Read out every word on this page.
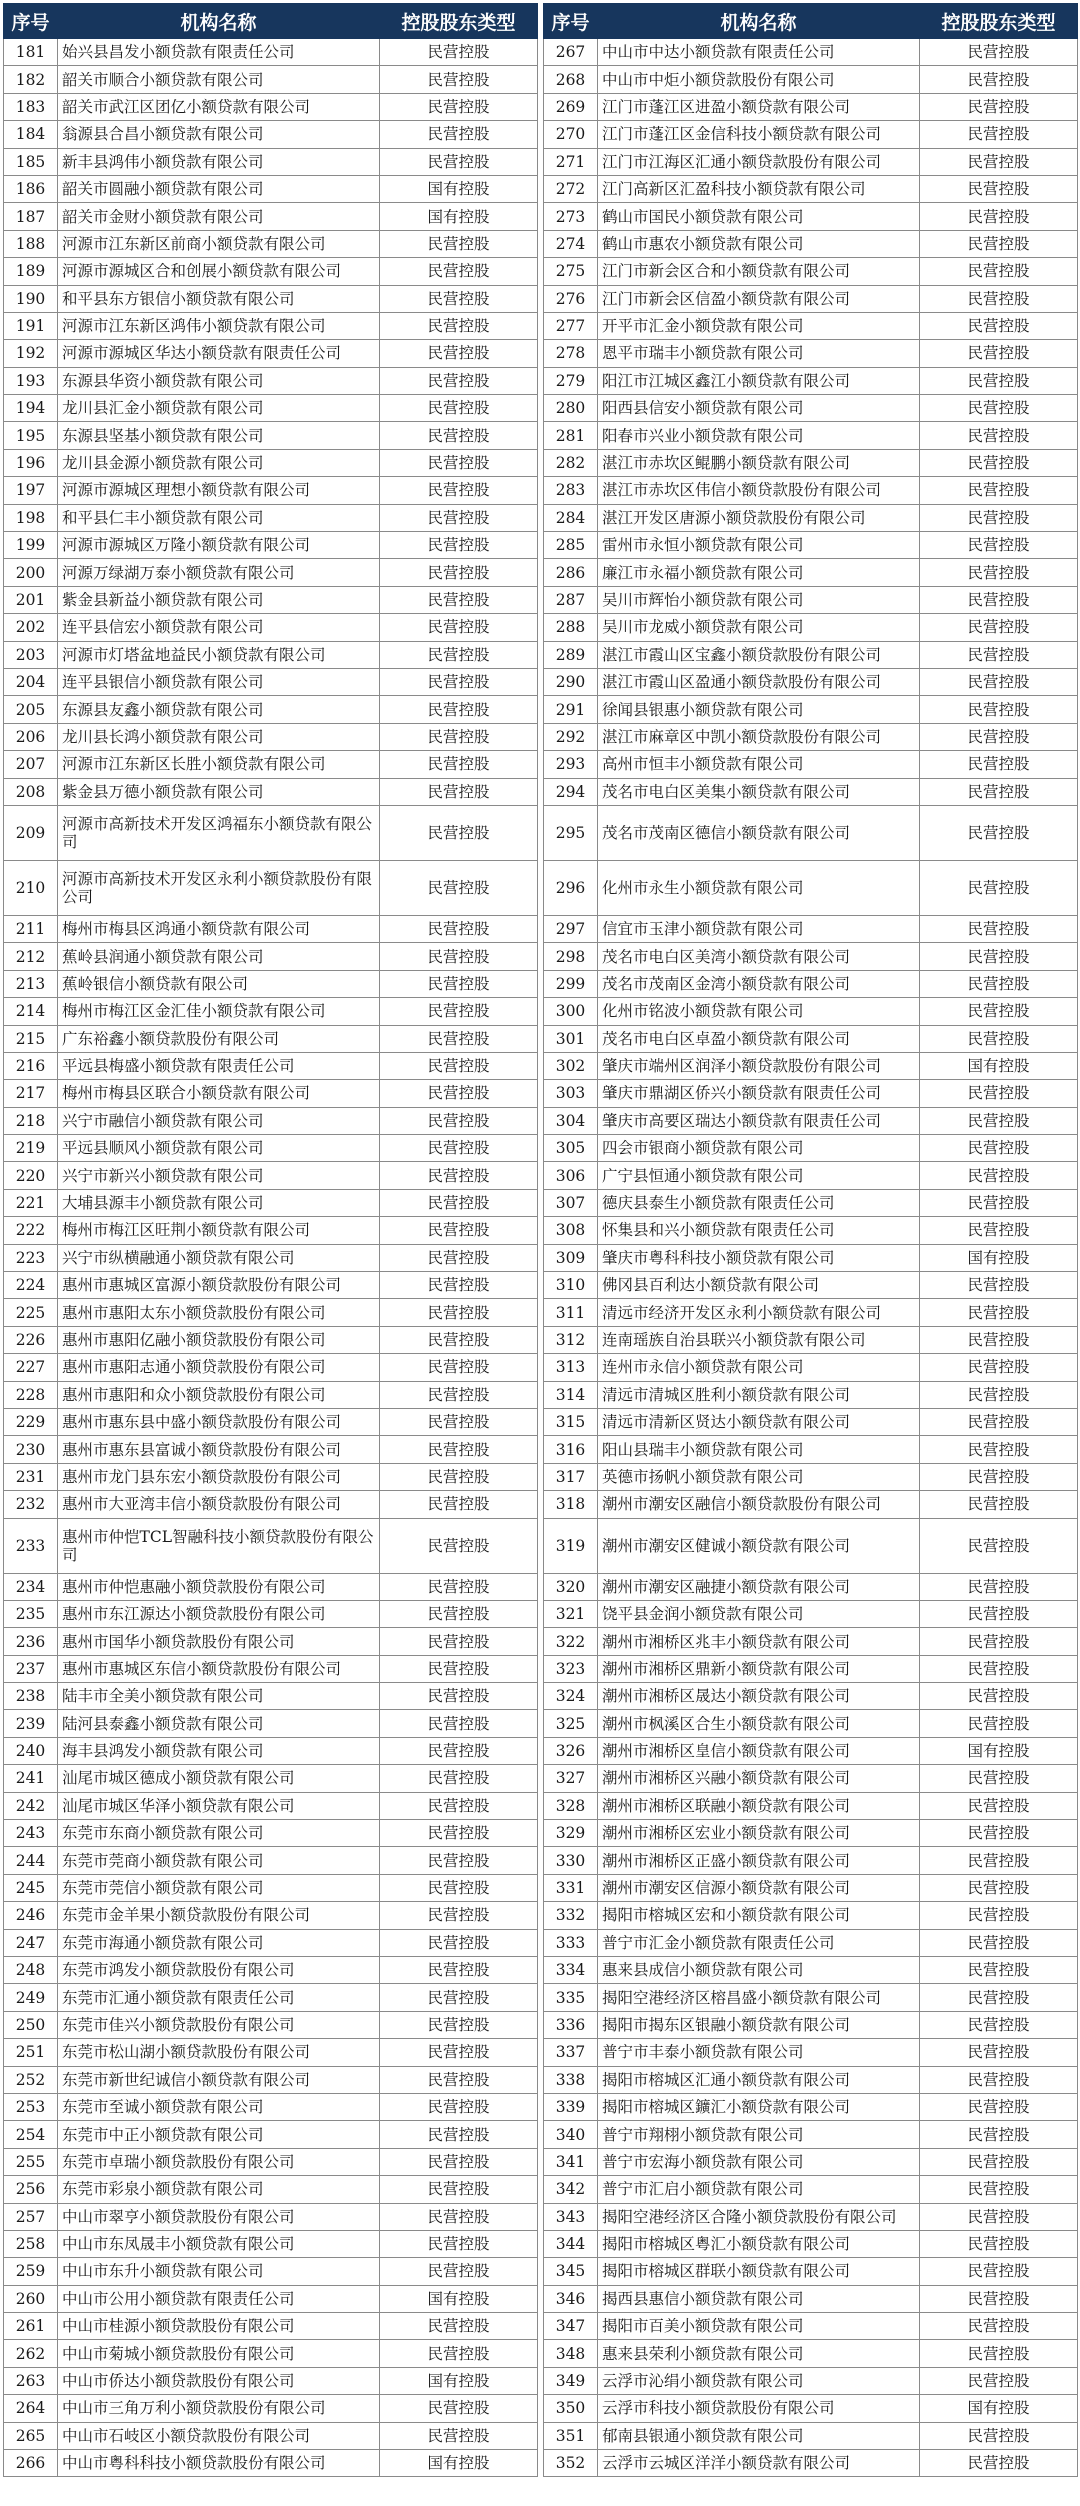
序号	机构名称	控股股东类型
181	始兴县昌发小额贷款有限责任公司	民营控股
182	韶关市顺合小额贷款有限公司	民营控股
183	韶关市武江区团亿小额贷款有限公司	民营控股
184	翁源县合昌小额贷款有限公司	民营控股
185	新丰县鸿伟小额贷款有限公司	民营控股
186	韶关市圆融小额贷款有限公司	国有控股
187	韶关市金财小额贷款有限公司	国有控股
188	河源市江东新区前商小额贷款有限公司	民营控股
189	河源市源城区合和创展小额贷款有限公司	民营控股
190	和平县东方银信小额贷款有限公司	民营控股
191	河源市江东新区鸿伟小额贷款有限公司	民营控股
192	河源市源城区华达小额贷款有限责任公司	民营控股
193	东源县华资小额贷款有限公司	民营控股
194	龙川县汇金小额贷款有限公司	民营控股
195	东源县坚基小额贷款有限公司	民营控股
196	龙川县金源小额贷款有限公司	民营控股
197	河源市源城区理想小额贷款有限公司	民营控股
198	和平县仁丰小额贷款有限公司	民营控股
199	河源市源城区万隆小额贷款有限公司	民营控股
200	河源万绿湖万泰小额贷款有限公司	民营控股
201	紫金县新益小额贷款有限公司	民营控股
202	连平县信宏小额贷款有限公司	民营控股
203	河源市灯塔盆地益民小额贷款有限公司	民营控股
204	连平县银信小额贷款有限公司	民营控股
205	东源县友鑫小额贷款有限公司	民营控股
206	龙川县长鸿小额贷款有限公司	民营控股
207	河源市江东新区长胜小额贷款有限公司	民营控股
208	紫金县万德小额贷款有限公司	民营控股
209	河源市高新技术开发区鸿福东小额贷款有限公司	民营控股
210	河源市高新技术开发区永利小额贷款股份有限公司	民营控股
211	梅州市梅县区鸿通小额贷款有限公司	民营控股
212	蕉岭县润通小额贷款有限公司	民营控股
213	蕉岭银信小额贷款有限公司	民营控股
214	梅州市梅江区金汇佳小额贷款有限公司	民营控股
215	广东裕鑫小额贷款股份有限公司	民营控股
216	平远县梅盛小额贷款有限责任公司	民营控股
217	梅州市梅县区联合小额贷款有限公司	民营控股
218	兴宁市融信小额贷款有限公司	民营控股
219	平远县顺风小额贷款有限公司	民营控股
220	兴宁市新兴小额贷款有限公司	民营控股
221	大埔县源丰小额贷款有限公司	民营控股
222	梅州市梅江区旺荆小额贷款有限公司	民营控股
223	兴宁市纵横融通小额贷款有限公司	民营控股
224	惠州市惠城区富源小额贷款股份有限公司	民营控股
225	惠州市惠阳太东小额贷款股份有限公司	民营控股
226	惠州市惠阳亿融小额贷款股份有限公司	民营控股
227	惠州市惠阳志通小额贷款股份有限公司	民营控股
228	惠州市惠阳和众小额贷款股份有限公司	民营控股
229	惠州市惠东县中盛小额贷款股份有限公司	民营控股
230	惠州市惠东县富诚小额贷款股份有限公司	民营控股
231	惠州市龙门县东宏小额贷款股份有限公司	民营控股
232	惠州市大亚湾丰信小额贷款股份有限公司	民营控股
233	惠州市仲恺TCL智融科技小额贷款股份有限公司	民营控股
234	惠州市仲恺惠融小额贷款股份有限公司	民营控股
235	惠州市东江源达小额贷款股份有限公司	民营控股
236	惠州市国华小额贷款股份有限公司	民营控股
237	惠州市惠城区东信小额贷款股份有限公司	民营控股
238	陆丰市全美小额贷款有限公司	民营控股
239	陆河县泰鑫小额贷款有限公司	民营控股
240	海丰县鸿发小额贷款有限公司	民营控股
241	汕尾市城区德成小额贷款有限公司	民营控股
242	汕尾市城区华泽小额贷款有限公司	民营控股
243	东莞市东商小额贷款有限公司	民营控股
244	东莞市莞商小额贷款有限公司	民营控股
245	东莞市莞信小额贷款有限公司	民营控股
246	东莞市金羊果小额贷款股份有限公司	民营控股
247	东莞市海通小额贷款有限公司	民营控股
248	东莞市鸿发小额贷款股份有限公司	民营控股
249	东莞市汇通小额贷款有限责任公司	民营控股
250	东莞市佳兴小额贷款股份有限公司	民营控股
251	东莞市松山湖小额贷款股份有限公司	民营控股
252	东莞市新世纪诚信小额贷款有限公司	民营控股
253	东莞市至诚小额贷款有限公司	民营控股
254	东莞市中正小额贷款有限公司	民营控股
255	东莞市卓瑞小额贷款股份有限公司	民营控股
256	东莞市彩泉小额贷款有限公司	民营控股
257	中山市翠亨小额贷款股份有限公司	民营控股
258	中山市东凤晟丰小额贷款有限公司	民营控股
259	中山市东升小额贷款有限公司	民营控股
260	中山市公用小额贷款有限责任公司	国有控股
261	中山市桂源小额贷款股份有限公司	民营控股
262	中山市菊城小额贷款股份有限公司	民营控股
263	中山市侨达小额贷款股份有限公司	国有控股
264	中山市三角万利小额贷款股份有限公司	民营控股
265	中山市石岐区小额贷款股份有限公司	民营控股
266	中山市粤科科技小额贷款股份有限公司	国有控股
序号	机构名称	控股股东类型
267	中山市中达小额贷款有限责任公司	民营控股
268	中山市中炬小额贷款股份有限公司	民营控股
269	江门市蓬江区进盈小额贷款有限公司	民营控股
270	江门市蓬江区金信科技小额贷款有限公司	民营控股
271	江门市江海区汇通小额贷款股份有限公司	民营控股
272	江门高新区汇盈科技小额贷款有限公司	民营控股
273	鹤山市国民小额贷款有限公司	民营控股
274	鹤山市惠农小额贷款有限公司	民营控股
275	江门市新会区合和小额贷款有限公司	民营控股
276	江门市新会区信盈小额贷款有限公司	民营控股
277	开平市汇金小额贷款有限公司	民营控股
278	恩平市瑞丰小额贷款有限公司	民营控股
279	阳江市江城区鑫江小额贷款有限公司	民营控股
280	阳西县信安小额贷款有限公司	民营控股
281	阳春市兴业小额贷款有限公司	民营控股
282	湛江市赤坎区鲲鹏小额贷款有限公司	民营控股
283	湛江市赤坎区伟信小额贷款股份有限公司	民营控股
284	湛江开发区唐源小额贷款股份有限公司	民营控股
285	雷州市永恒小额贷款有限公司	民营控股
286	廉江市永福小额贷款有限公司	民营控股
287	吴川市辉怡小额贷款有限公司	民营控股
288	吴川市龙威小额贷款有限公司	民营控股
289	湛江市霞山区宝鑫小额贷款股份有限公司	民营控股
290	湛江市霞山区盈通小额贷款股份有限公司	民营控股
291	徐闻县银惠小额贷款有限公司	民营控股
292	湛江市麻章区中凯小额贷款股份有限公司	民营控股
293	高州市恒丰小额贷款有限公司	民营控股
294	茂名市电白区美集小额贷款有限公司	民营控股
295	茂名市茂南区德信小额贷款有限公司	民营控股
296	化州市永生小额贷款有限公司	民营控股
297	信宜市玉津小额贷款有限公司	民营控股
298	茂名市电白区美湾小额贷款有限公司	民营控股
299	茂名市茂南区金湾小额贷款有限公司	民营控股
300	化州市铭波小额贷款有限公司	民营控股
301	茂名市电白区卓盈小额贷款有限公司	民营控股
302	肇庆市端州区润泽小额贷款股份有限公司	国有控股
303	肇庆市鼎湖区侨兴小额贷款有限责任公司	民营控股
304	肇庆市高要区瑞达小额贷款有限责任公司	民营控股
305	四会市银商小额贷款有限公司	民营控股
306	广宁县恒通小额贷款有限公司	民营控股
307	德庆县泰生小额贷款有限责任公司	民营控股
308	怀集县和兴小额贷款有限责任公司	民营控股
309	肇庆市粤科科技小额贷款有限公司	国有控股
310	佛冈县百利达小额贷款有限公司	民营控股
311	清远市经济开发区永利小额贷款有限公司	民营控股
312	连南瑶族自治县联兴小额贷款有限公司	民营控股
313	连州市永信小额贷款有限公司	民营控股
314	清远市清城区胜利小额贷款有限公司	民营控股
315	清远市清新区贤达小额贷款有限公司	民营控股
316	阳山县瑞丰小额贷款有限公司	民营控股
317	英德市扬帆小额贷款有限公司	民营控股
318	潮州市潮安区融信小额贷款股份有限公司	民营控股
319	潮州市潮安区健诚小额贷款有限公司	民营控股
320	潮州市潮安区融捷小额贷款有限公司	民营控股
321	饶平县金润小额贷款有限公司	民营控股
322	潮州市湘桥区兆丰小额贷款有限公司	民营控股
323	潮州市湘桥区鼎新小额贷款有限公司	民营控股
324	潮州市湘桥区晟达小额贷款有限公司	民营控股
325	潮州市枫溪区合生小额贷款有限公司	民营控股
326	潮州市湘桥区皇信小额贷款有限公司	国有控股
327	潮州市湘桥区兴融小额贷款有限公司	民营控股
328	潮州市湘桥区联融小额贷款有限公司	民营控股
329	潮州市湘桥区宏业小额贷款有限公司	民营控股
330	潮州市湘桥区正盛小额贷款有限公司	民营控股
331	潮州市潮安区信源小额贷款有限公司	民营控股
332	揭阳市榕城区宏和小额贷款有限公司	民营控股
333	普宁市汇金小额贷款有限责任公司	民营控股
334	惠来县成信小额贷款有限公司	民营控股
335	揭阳空港经济区榕昌盛小额贷款有限公司	民营控股
336	揭阳市揭东区银融小额贷款有限公司	民营控股
337	普宁市丰泰小额贷款有限公司	民营控股
338	揭阳市榕城区汇通小额贷款有限公司	民营控股
339	揭阳市榕城区鑛汇小额贷款有限公司	民营控股
340	普宁市翔栩小额贷款有限公司	民营控股
341	普宁市宏海小额贷款有限公司	民营控股
342	普宁市汇启小额贷款有限公司	民营控股
343	揭阳空港经济区合隆小额贷款股份有限公司	民营控股
344	揭阳市榕城区粤汇小额贷款有限公司	民营控股
345	揭阳市榕城区群联小额贷款有限公司	民营控股
346	揭西县惠信小额贷款有限公司	民营控股
347	揭阳市百美小额贷款有限公司	民营控股
348	惠来县荣利小额贷款有限公司	民营控股
349	云浮市沁绢小额贷款有限公司	民营控股
350	云浮市科技小额贷款股份有限公司	国有控股
351	郁南县银通小额贷款有限公司	民营控股
352	云浮市云城区洋洋小额贷款有限公司	民营控股
